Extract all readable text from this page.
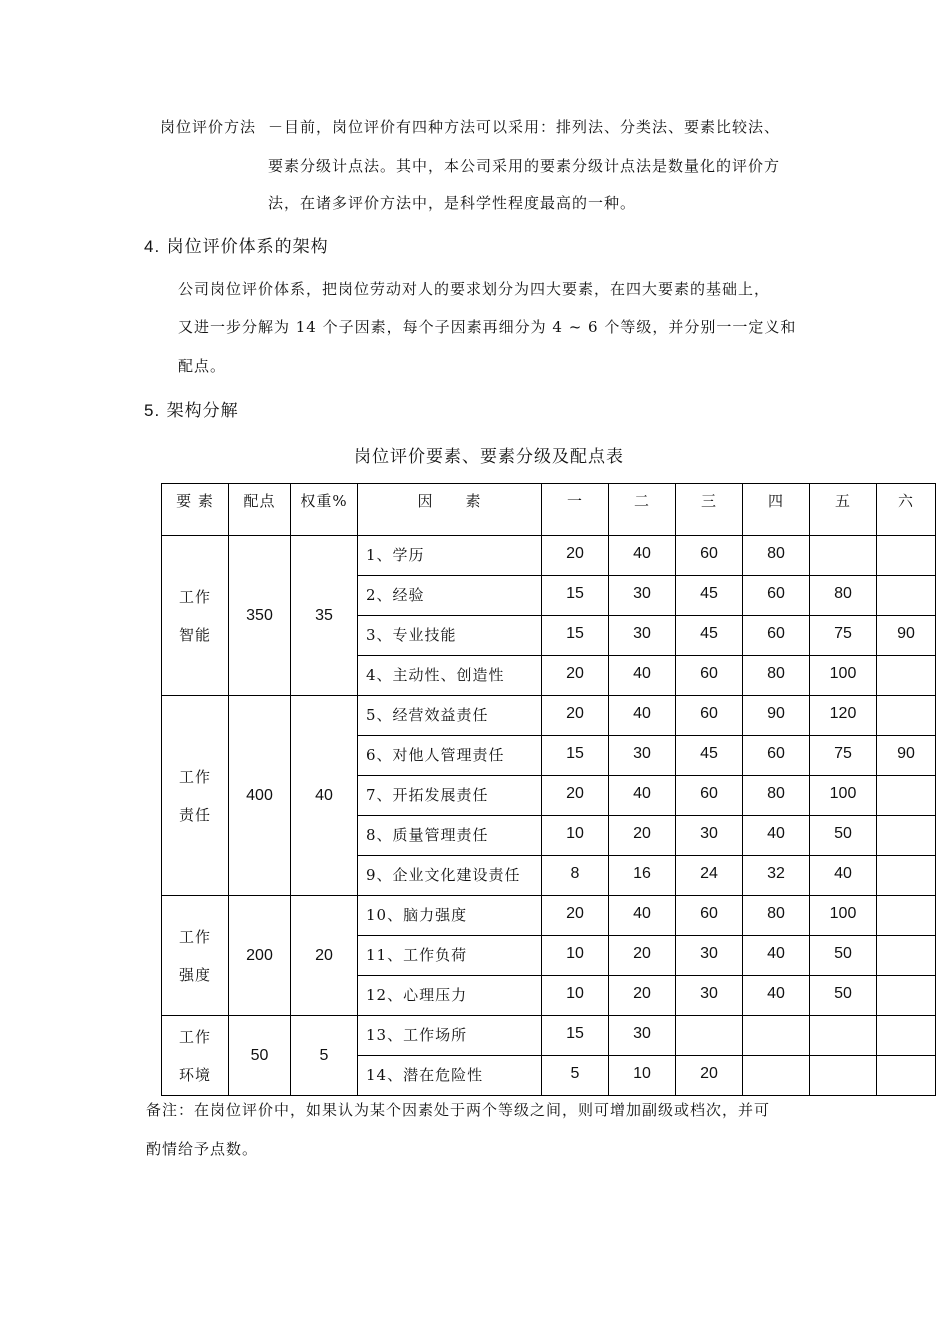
岗位评价方法 －目前，岗位评价有四种方法可以采用：排列法、分类法、要素比较法、
要素分级计点法。其中，本公司采用的要素分级计点法是数量化的评价方
法，在诸多评价方法中，是科学性程度最高的一种。
4. 岗位评价体系的架构
公司岗位评价体系，把岗位劳动对人的要求划分为四大要素，在四大要素的基础上，
又进一步分解为 14 个子因素，每个子因素再细分为 4 ~ 6 个等级，并分别一一定义和
配点。
5. 架构分解
岗位评价要素、要素分级及配点表
要 素	配点	权重%	因　　素	一	二	三	四	五	六

工作
智能	350	35	1、学历	20	40	60	80		
			2、经验	15	30	45	60	80	
			3、专业技能	15	30	45	60	75	90
			4、主动性、创造性	20	40	60	80	100	

工作
责任	400	40	5、经营效益责任	20	40	60	90	120	
			6、对他人管理责任	15	30	45	60	75	90
			7、开拓发展责任	20	40	60	80	100	
			8、质量管理责任	10	20	30	40	50	
			9、企业文化建设责任	8	16	24	32	40	

工作
强度	200	20	10、脑力强度	20	40	60	80	100	
			11、工作负荷	10	20	30	40	50	
			12、心理压力	10	20	30	40	50	

工作
环境	50	5	13、工作场所	15	30				
			14、潜在危险性	5	10	20			
备注：在岗位评价中，如果认为某个因素处于两个等级之间，则可增加副级或档次，并可
酌情给予点数。
